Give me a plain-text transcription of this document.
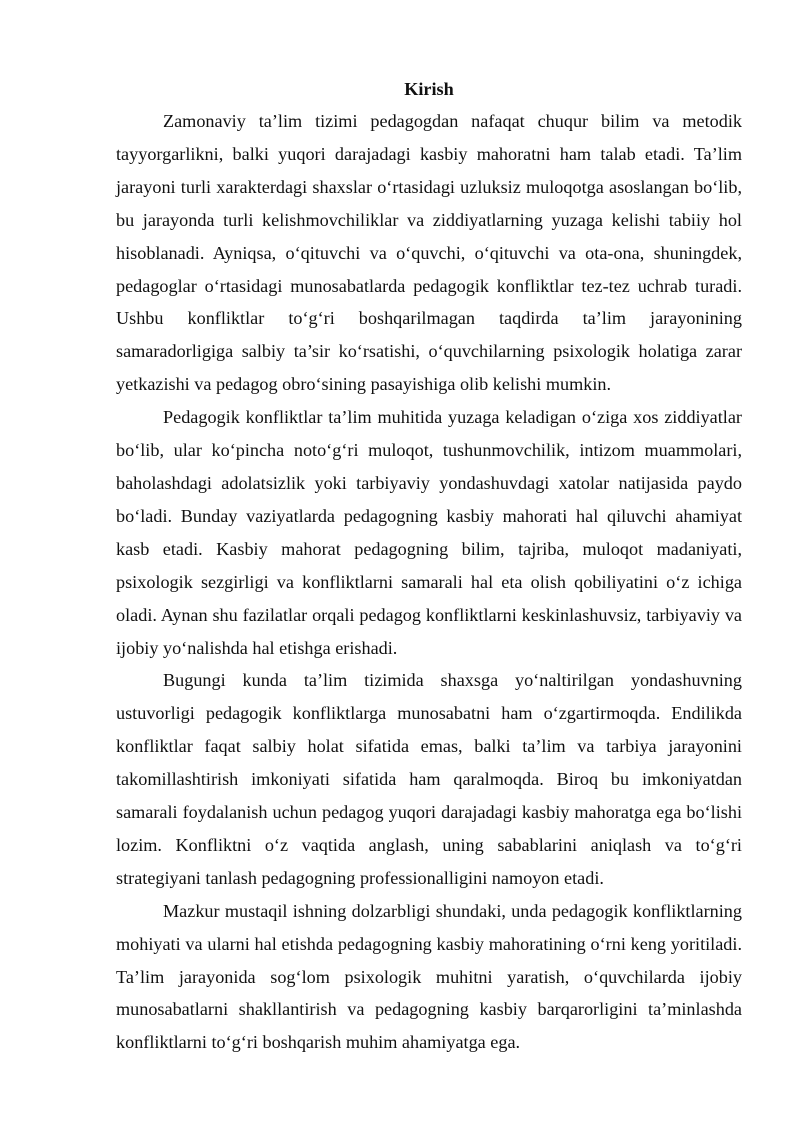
Kirish

Zamonaviy ta’lim tizimi pedagogdan nafaqat chuqur bilim va metodik tayyorgarlikni, balki yuqori darajadagi kasbiy mahoratni ham talab etadi. Ta’lim jarayoni turli xarakterdagi shaxslar o‘rtasidagi uzluksiz muloqotga asoslangan bo‘lib, bu jarayonda turli kelishmovchiliklar va ziddiyatlarning yuzaga kelishi tabiiy hol hisoblanadi. Ayniqsa, o‘qituvchi va o‘quvchi, o‘qituvchi va ota-ona, shuningdek, pedagoglar o‘rtasidagi munosabatlarda pedagogik konfliktlar tez-tez uchrab turadi. Ushbu konfliktlar to‘g‘ri boshqarilmagan taqdirda ta’lim jarayonining samaradorligiga salbiy ta’sir ko‘rsatishi, o‘quvchilarning psixologik holatiga zarar yetkazishi va pedagog obro‘sining pasayishiga olib kelishi mumkin.

Pedagogik konfliktlar ta’lim muhitida yuzaga keladigan o‘ziga xos ziddiyatlar bo‘lib, ular ko‘pincha noto‘g‘ri muloqot, tushunmovchilik, intizom muammolari, baholashdagi adolatsizlik yoki tarbiyaviy yondashuvdagi xatolar natijasida paydo bo‘ladi. Bunday vaziyatlarda pedagogning kasbiy mahorati hal qiluvchi ahamiyat kasb etadi. Kasbiy mahorat pedagogning bilim, tajriba, muloqot madaniyati, psixologik sezgirligi va konfliktlarni samarali hal eta olish qobiliyatini o‘z ichiga oladi. Aynan shu fazilatlar orqali pedagog konfliktlarni keskinlashuvsiz, tarbiyaviy va ijobiy yo‘nalishda hal etishga erishadi.

Bugungi kunda ta’lim tizimida shaxsga yo‘naltirilgan yondashuvning ustuvorligi pedagogik konfliktlarga munosabatni ham o‘zgartirmoqda. Endilikda konfliktlar faqat salbiy holat sifatida emas, balki ta’lim va tarbiya jarayonini takomillashtirish imkoniyati sifatida ham qaralmoqda. Biroq bu imkoniyatdan samarali foydalanish uchun pedagog yuqori darajadagi kasbiy mahoratga ega bo‘lishi lozim. Konfliktni o‘z vaqtida anglash, uning sabablarini aniqlash va to‘g‘ri strategiyani tanlash pedagogning professionalligini namoyon etadi.

Mazkur mustaqil ishning dolzarbligi shundaki, unda pedagogik konfliktlarning mohiyati va ularni hal etishda pedagogning kasbiy mahoratining o‘rni keng yoritiladi. Ta’lim jarayonida sog‘lom psixologik muhitni yaratish, o‘quvchilarda ijobiy munosabatlarni shakllantirish va pedagogning kasbiy barqarorligini ta’minlashda konfliktlarni to‘g‘ri boshqarish muhim ahamiyatga ega.
